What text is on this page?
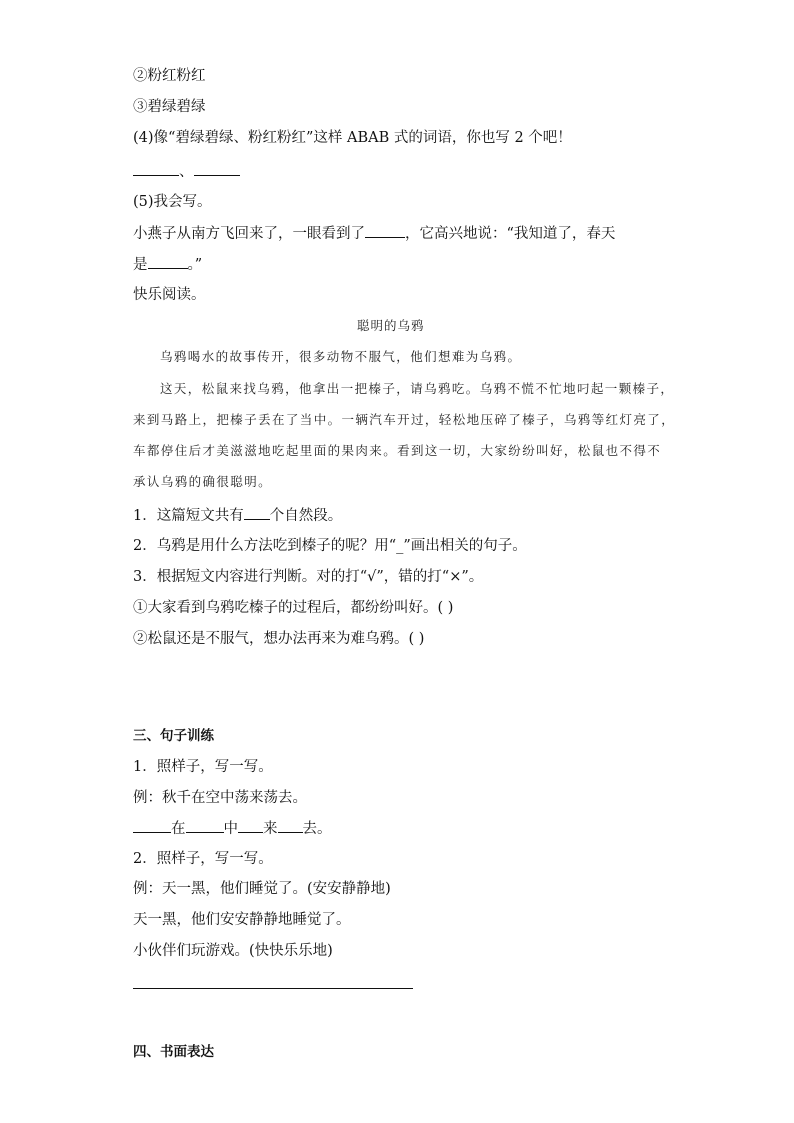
②粉红粉红
③碧绿碧绿
(4)像“碧绿碧绿、粉红粉红”这样 ABAB 式的词语，你也写 2 个吧！
、
(5)我会写。
小燕子从南方飞回来了，一眼看到了	，它高兴地说：“我知道了，春天
是	。”
快乐阅读。
聪明的乌鸦
乌鸦喝水的故事传开，很多动物不服气，他们想难为乌鸦。
这天，松鼠来找乌鸦，他拿出一把榛子，请乌鸦吃。乌鸦不慌不忙地叼起一颗榛子，
来到马路上，把榛子丢在了当中。一辆汽车开过，轻松地压碎了榛子，乌鸦等红灯亮了，
车都停住后才美滋滋地吃起里面的果肉来。看到这一切，大家纷纷叫好，松鼠也不得不
承认乌鸦的确很聪明。
1．这篇短文共有 个自然段。
2．乌鸦是用什么方法吃到榛子的呢？用“_”画出相关的句子。
3．根据短文内容进行判断。对的打“√”，错的打“×”。
①大家看到乌鸦吃榛子的过程后，都纷纷叫好。( )
②松鼠还是不服气，想办法再来为难乌鸦。( )
三、句子训练
1．照样子，写一写。
例：秋千在空中荡来荡去。
在	中 来 去。
2．照样子，写一写。
例：天一黑，他们睡觉了。(安安静静地)
天一黑，他们安安静静地睡觉了。
小伙伴们玩游戏。(快快乐乐地)
四、书面表达
